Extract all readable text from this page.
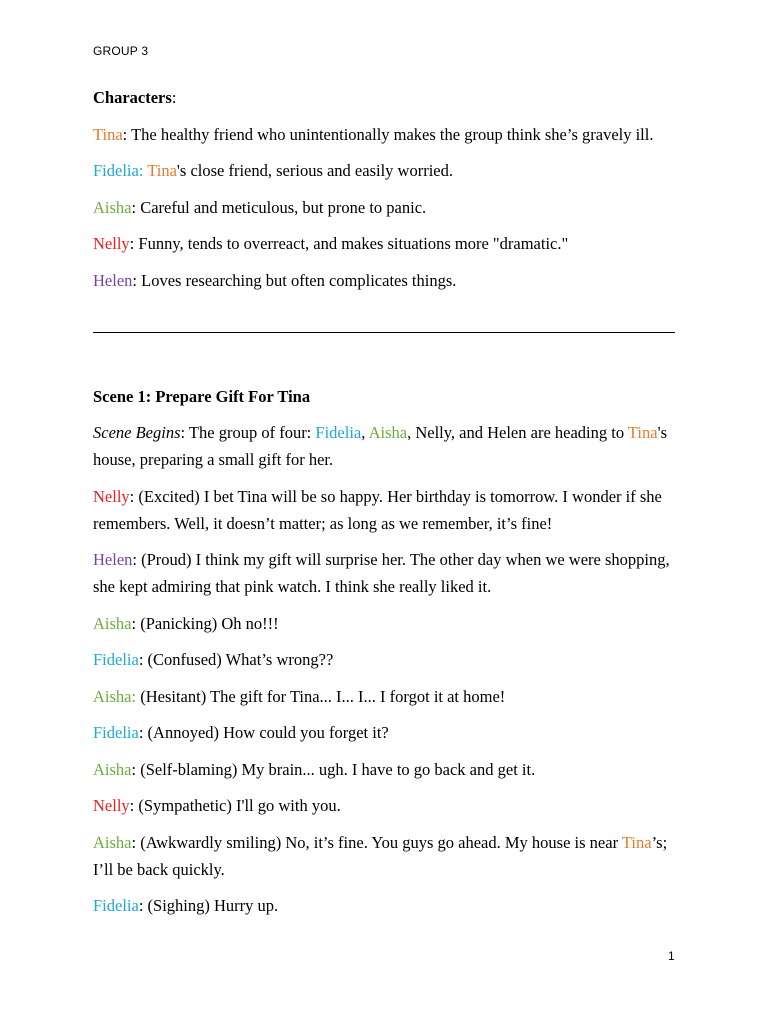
GROUP 3

Characters:

Tina: The healthy friend who unintentionally makes the group think she’s gravely ill.

Fidelia: Tina's close friend, serious and easily worried.

Aisha: Careful and meticulous, but prone to panic.

Nelly: Funny, tends to overreact, and makes situations more "dramatic."

Helen: Loves researching but often complicates things.

Scene 1: Prepare Gift For Tina

Scene Begins: The group of four: Fidelia, Aisha, Nelly, and Helen are heading to Tina's house, preparing a small gift for her.

Nelly: (Excited) I bet Tina will be so happy. Her birthday is tomorrow. I wonder if she remembers. Well, it doesn’t matter; as long as we remember, it’s fine!

Helen: (Proud) I think my gift will surprise her. The other day when we were shopping, she kept admiring that pink watch. I think she really liked it.

Aisha: (Panicking) Oh no!!!

Fidelia: (Confused) What’s wrong??

Aisha: (Hesitant) The gift for Tina... I... I... I forgot it at home!

Fidelia: (Annoyed) How could you forget it?

Aisha: (Self-blaming) My brain... ugh. I have to go back and get it.

Nelly: (Sympathetic) I'll go with you.

Aisha: (Awkwardly smiling) No, it’s fine. You guys go ahead. My house is near Tina’s; I’ll be back quickly.

Fidelia: (Sighing) Hurry up.

1
